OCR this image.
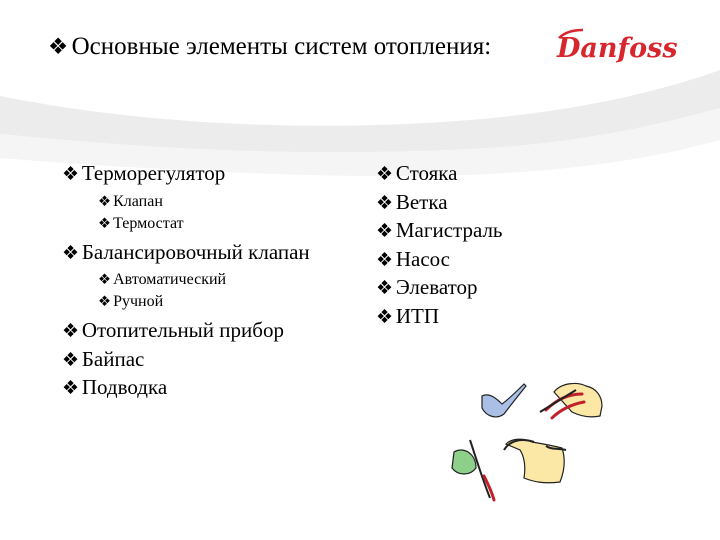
❖ Основные элементы систем отопления: Danfoss
❖ Терморегулятор
❖ Клапан
❖ Термостат
❖ Балансировочный клапан
❖ Автоматический
❖ Ручной
❖ Отопительный прибор
❖ Байпас
❖ Подводка
❖ Стояка
❖ Ветка
❖ Магистраль
❖ Насос
❖ Элеватор
❖ ИТП
